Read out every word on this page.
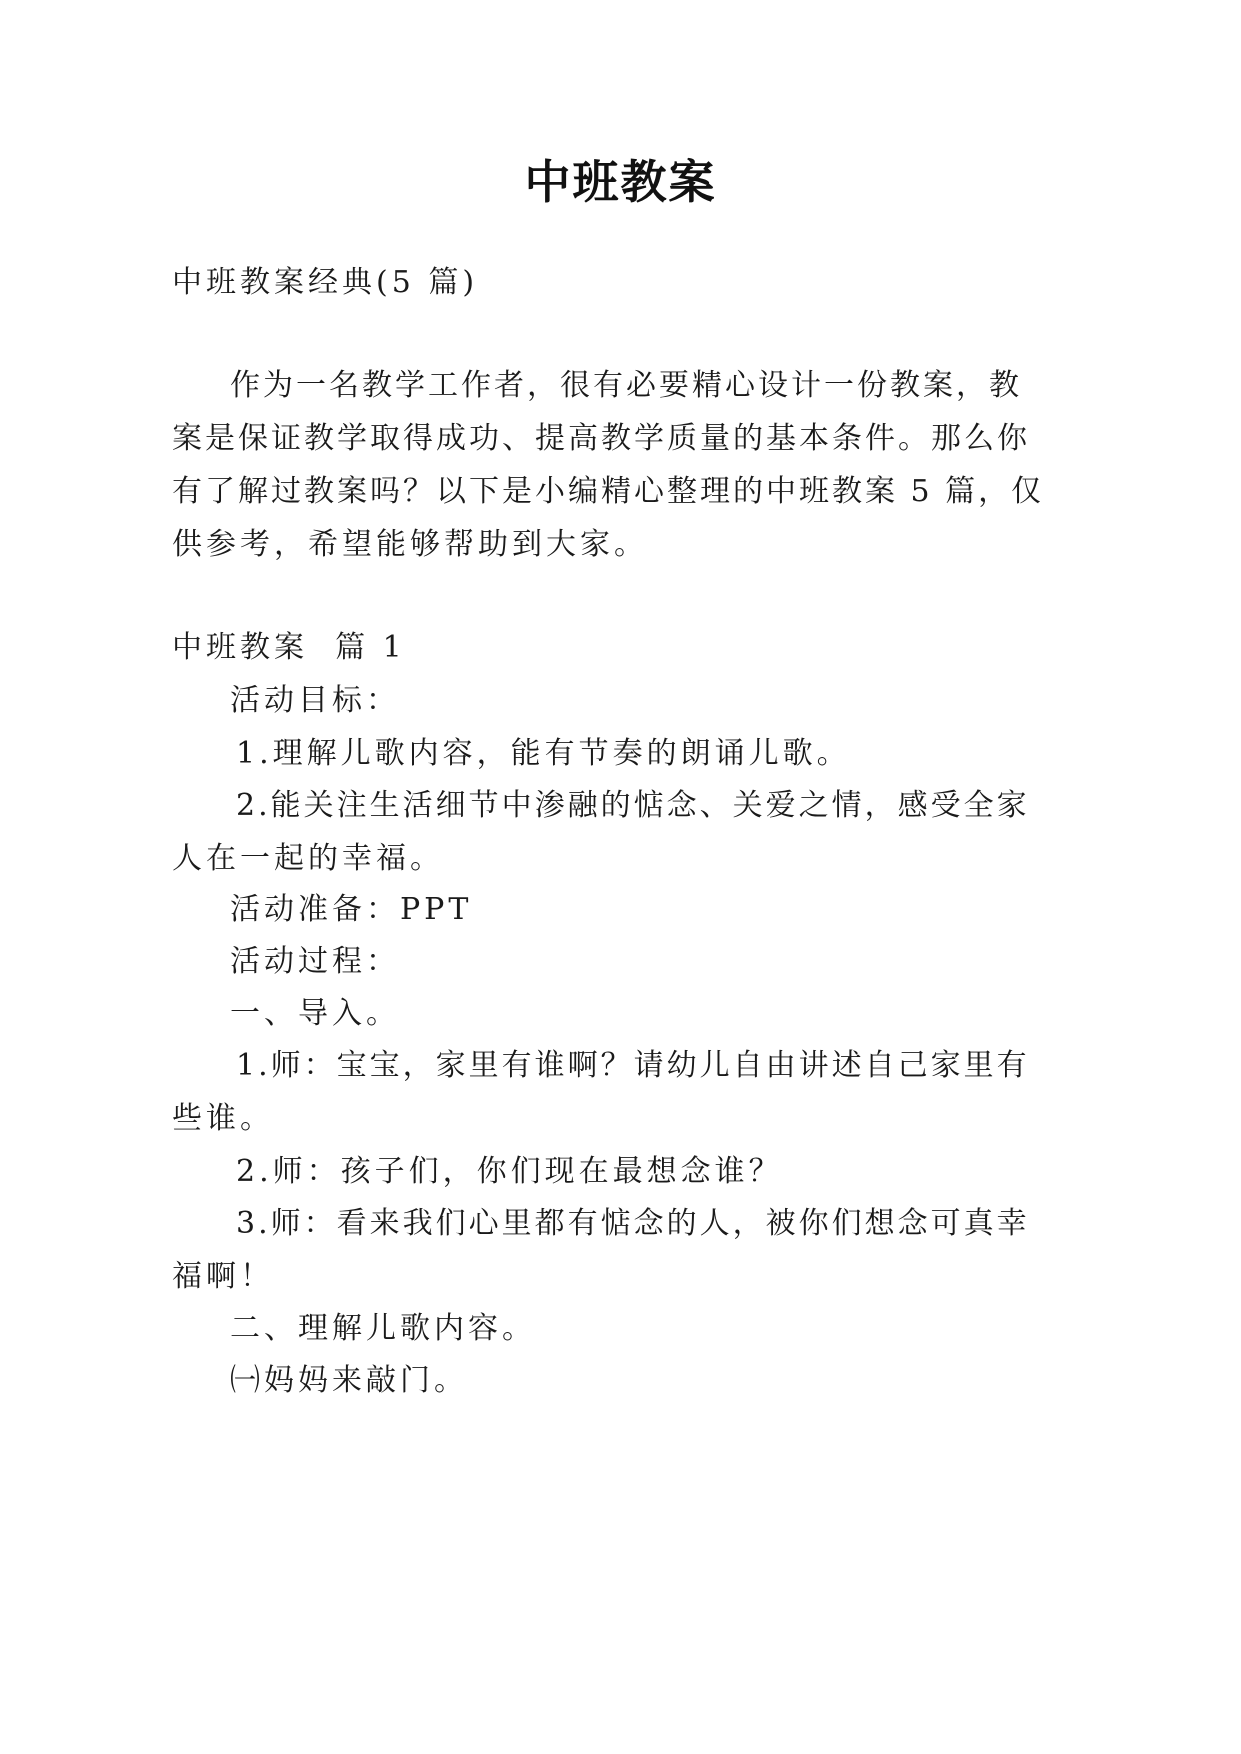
中班教案
中班教案经典(5 篇)
作为一名教学工作者，很有必要精心设计一份教案，教
案是保证教学取得成功、提高教学质量的基本条件。那么你
有了解过教案吗？以下是小编精心整理的中班教案 5 篇，仅
供参考，希望能够帮助到大家。
中班教案  篇 1
活动目标：
1.理解儿歌内容，能有节奏的朗诵儿歌。
2.能关注生活细节中渗融的惦念、关爱之情，感受全家
人在一起的幸福。
活动准备：PPT
活动过程：
一、导入。
1.师：宝宝，家里有谁啊？请幼儿自由讲述自己家里有
些谁。
2.师：孩子们，你们现在最想念谁？
3.师：看来我们心里都有惦念的人，被你们想念可真幸
福啊！
二、理解儿歌内容。
㈠妈妈来敲门。
